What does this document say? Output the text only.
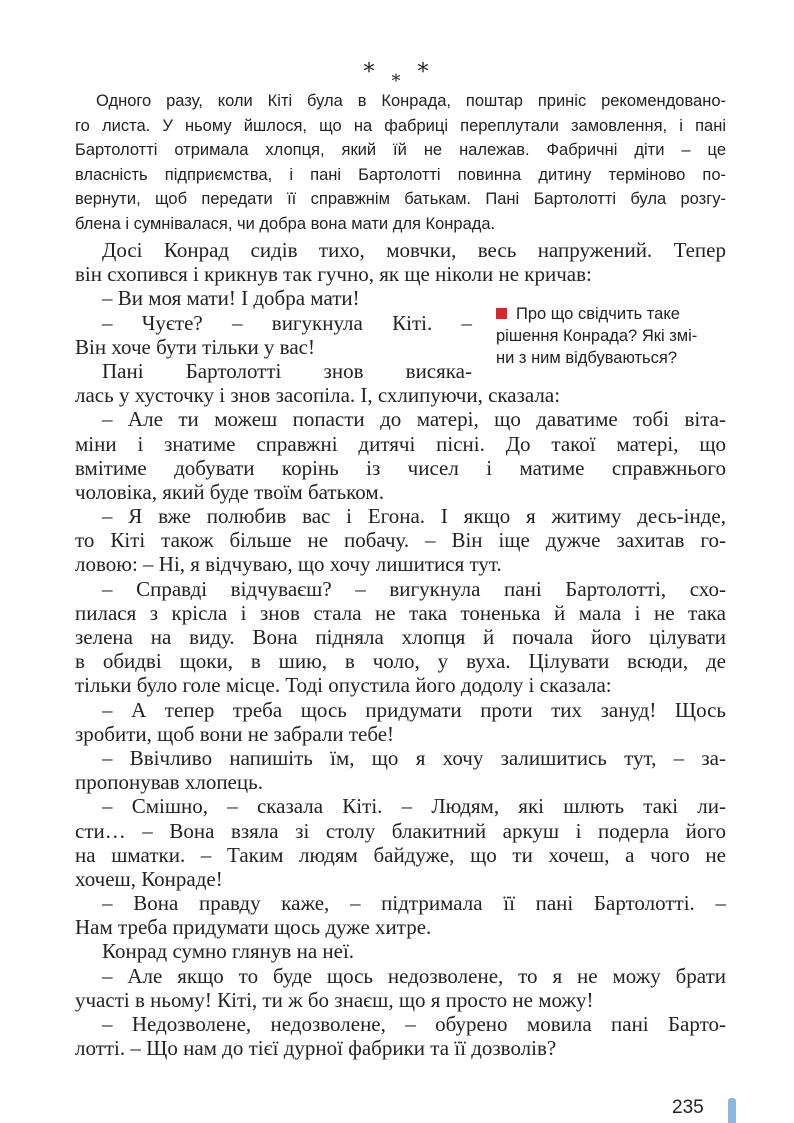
* $_*$ *
Одного разу, коли Кіті була в Конрада, поштар приніс рекомендовано-
го листа. У ньому йшлося, що на фабриці переплутали замовлення, і пані
Бартолотті отримала хлопця, який їй не належав. Фабричні діти – це
власність підприємства, і пані Бартолотті повинна дитину терміново по-
вернути, щоб передати її справжнім батькам. Пані Бартолотті була розгу-
блена і сумнівалася, чи добра вона мати для Конрада.
Про що свідчить таке
рішення Конрада? Які змі-
ни з ним відбуваються?
Досі Конрад сидів тихо, мовчки, весь напружений. Тепер
він схопився і крикнув так гучно, як ще ніколи не кричав:
– Ви моя мати! І добра мати!
– Чуєте? – вигукнула Кіті. –
Він хоче бути тільки у вас!
Пані Бартолотті знов висяка-
лась у хусточку і знов засопіла. І, схлипуючи, сказала:
– Але ти можеш попасти до матері, що даватиме тобі віта-
міни і знатиме справжні дитячі пісні. До такої матері, що
вмітиме добувати корінь із чисел і матиме справжнього
чоловіка, який буде твоїм батьком.
– Я вже полюбив вас і Егона. І якщо я житиму десь-інде,
то Кіті також більше не побачу. – Він іще дужче захитав го-
ловою: – Ні, я відчуваю, що хочу лишитися тут.
– Справді відчуваєш? – вигукнула пані Бартолотті, схо-
пилася з крісла і знов стала не така тоненька й мала і не така
зелена на виду. Вона підняла хлопця й почала його цілувати
в обидві щоки, в шию, в чоло, у вуха. Цілувати всюди, де
тільки було голе місце. Тоді опустила його додолу і сказала:
– А тепер треба щось придумати проти тих зануд! Щось
зробити, щоб вони не забрали тебе!
– Ввічливо напишіть їм, що я хочу залишитись тут, – за-
пропонував хлопець.
– Смішно, – сказала Кіті. – Людям, які шлють такі ли-
сти… – Вона взяла зі столу блакитний аркуш і подерла його
на шматки. – Таким людям байдуже, що ти хочеш, а чого не
хочеш, Конраде!
– Вона правду каже, – підтримала її пані Бартолотті. –
Нам треба придумати щось дуже хитре.
Конрад сумно глянув на неї.
– Але якщо то буде щось недозволене, то я не можу брати
участі в ньому! Кіті, ти ж бо знаєш, що я просто не можу!
– Недозволене, недозволене, – обурено мовила пані Барто-
лотті. – Що нам до тієї дурної фабрики та її дозволів?
235
